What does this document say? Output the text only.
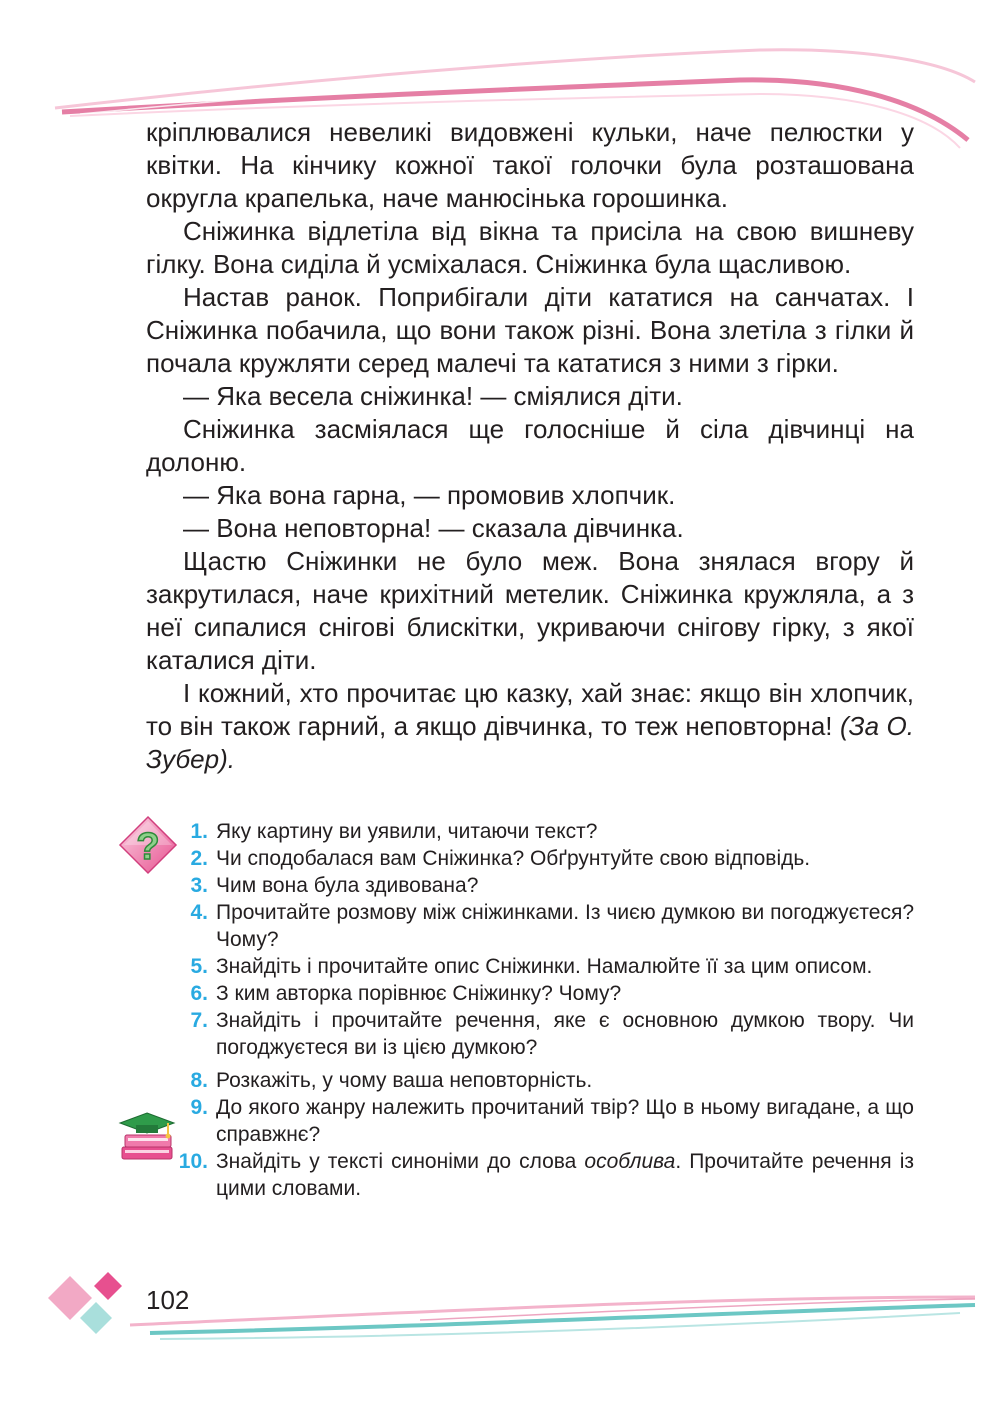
кріплювалися невеликі видовжені кульки, наче пелюстки у квітки. На кінчику кожної такої голочки була розташована округла крапелька, наче манюсінька горошинка.

Сніжинка відлетіла від вікна та присіла на свою вишневу гілку. Вона сиділа й усміхалася. Сніжинка була щасливою.

Настав ранок. Поприбігали діти кататися на санчатах. І Сніжинка побачила, що вони також різні. Вона злетіла з гілки й почала кружляти серед малечі та кататися з ними з гірки.

— Яка весела сніжинка! — сміялися діти.

Сніжинка засміялася ще голосніше й сіла дівчинці на долоню.

— Яка вона гарна, — промовив хлопчик.

— Вона неповторна! — сказала дівчинка.

Щастю Сніжинки не було меж. Вона знялася вгору й закрутилася, наче крихітний метелик. Сніжинка кружляла, а з неї сипалися снігові блискітки, укриваючи снігову гірку, з якої каталися діти.

І кожний, хто прочитає цю казку, хай знає: якщо він хлопчик, то він також гарний, а якщо дівчинка, то теж неповторна! (За О. Зубер).

?	1. Яку картину ви уявили, читаючи текст?
2. Чи сподобалася вам Сніжинка? Обґрунтуйте свою відповідь.
3. Чим вона була здивована?
4. Прочитайте розмову між сніжинками. Із чиєю думкою ви погоджуєтеся? Чому?
5. Знайдіть і прочитайте опис Сніжинки. Намалюйте її за цим описом.
6. З ким авторка порівнює Сніжинку? Чому?
7. Знайдіть і прочитайте речення, яке є основною думкою твору. Чи погоджуєтеся ви із цією думкою?
8. Розкажіть, у чому ваша неповторність.
9. До якого жанру належить прочитаний твір? Що в ньому вигадане, а що справжнє?
10. Знайдіть у тексті синоніми до слова особлива. Прочитайте речення із цими словами.
102
